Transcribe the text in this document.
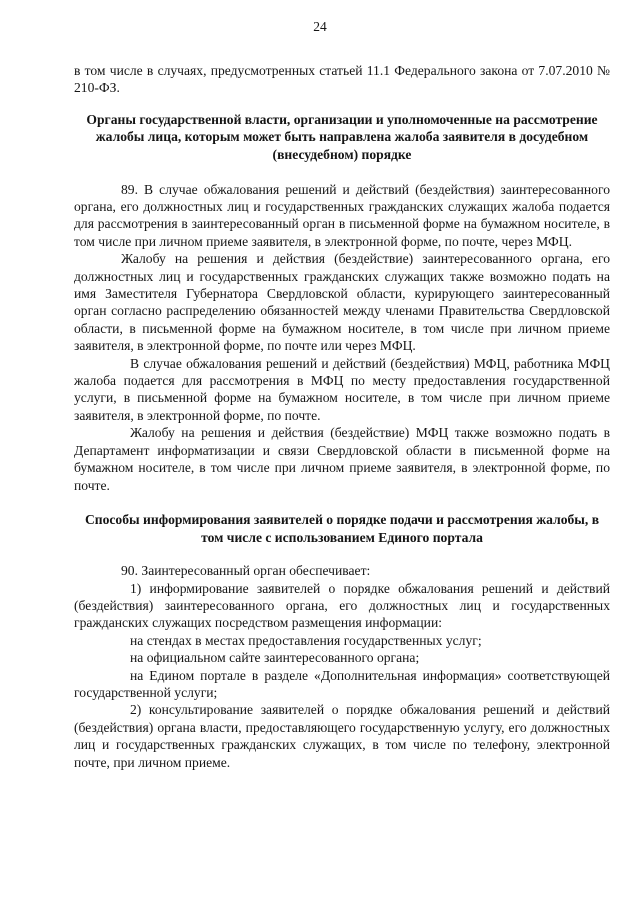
24

в том числе в случаях, предусмотренных статьей 11.1 Федерального закона от 7.07.2010 № 210-ФЗ.

Органы государственной власти, организации и уполномоченные на рассмотрение жалобы лица, которым может быть направлена жалоба заявителя в досудебном (внесудебном) порядке

89. В случае обжалования решений и действий (бездействия) заинтересованного органа, его должностных лиц и государственных гражданских служащих жалоба подается для рассмотрения в заинтересованный орган в письменной форме на бумажном носителе, в том числе при личном приеме заявителя, в электронной форме, по почте, через МФЦ.

Жалобу на решения и действия (бездействие) заинтересованного органа, его должностных лиц и государственных гражданских служащих также возможно подать на имя Заместителя Губернатора Свердловской области, курирующего заинтересованный орган согласно распределению обязанностей между членами Правительства Свердловской области, в письменной форме на бумажном носителе, в том числе при личном приеме заявителя, в электронной форме, по почте или через МФЦ.

В случае обжалования решений и действий (бездействия) МФЦ, работника МФЦ жалоба подается для рассмотрения в МФЦ по месту предоставления государственной услуги, в письменной форме на бумажном носителе, в том числе при личном приеме заявителя, в электронной форме, по почте.

Жалобу на решения и действия (бездействие) МФЦ также возможно подать в Департамент информатизации и связи Свердловской области в письменной форме на бумажном носителе, в том числе при личном приеме заявителя, в электронной форме, по почте.

Способы информирования заявителей о порядке подачи и рассмотрения жалобы, в том числе с использованием Единого портала

90. Заинтересованный орган обеспечивает:

1) информирование заявителей о порядке обжалования решений и действий (бездействия) заинтересованного органа, его должностных лиц и государственных гражданских служащих посредством размещения информации:

на стендах в местах предоставления государственных услуг;

на официальном сайте заинтересованного органа;

на Едином портале в разделе «Дополнительная информация» соответствующей государственной услуги;

2) консультирование заявителей о порядке обжалования решений и действий (бездействия) органа власти, предоставляющего государственную услугу, его должностных лиц и государственных гражданских служащих, в том числе по телефону, электронной почте, при личном приеме.
